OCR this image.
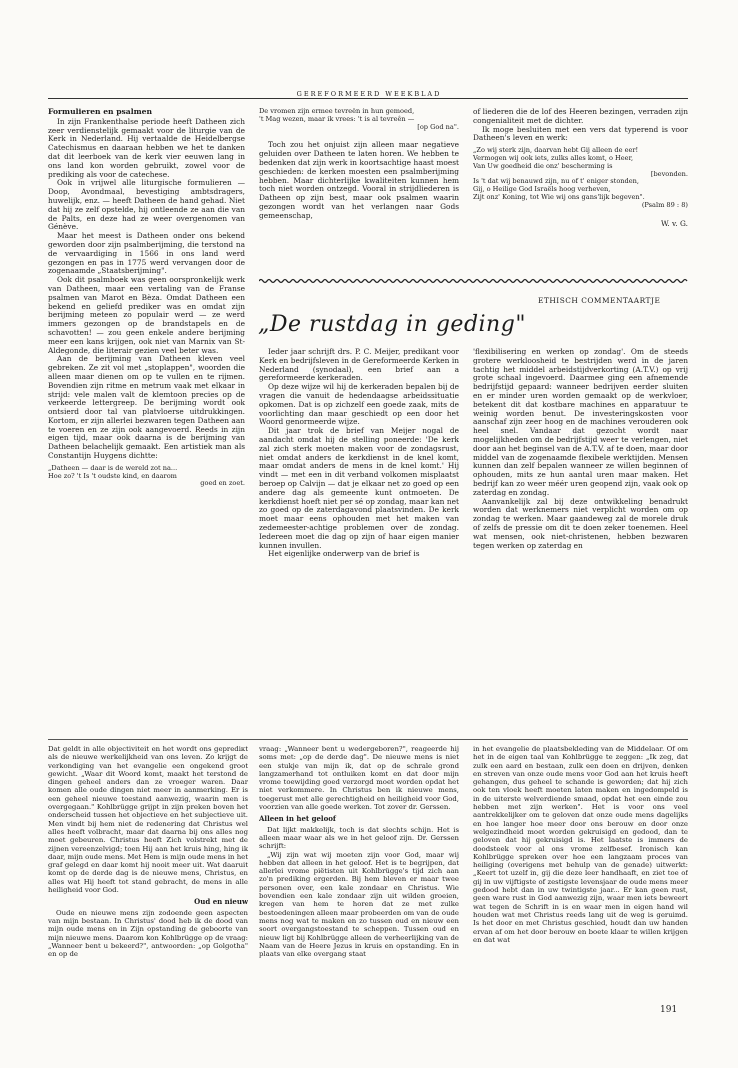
GEREFORMEERD WEEKBLAD
Formulieren en psalmen

In zijn Frankenthalse periode heeft Datheen zich zeer verdienstelijk gemaakt voor de liturgie van de Kerk in Nederland. Hij vertaalde de Heidelbergse Catechismus en daaraan hebben we het te danken dat dit leerboek van de kerk vier eeuwen lang in ons land kon worden gebruikt, zowel voor de prediking als voor de catechese.

Ook in vrijwel alle liturgische formulieren — Doop, Avondmaal, bevestiging ambtsdragers, huwelijk, enz. — heeft Datheen de hand gehad. Niet dat hij ze zelf opstelde, hij ontleende ze aan die van de Palts, en deze had ze weer overgenomen van Génève.

Maar het meest is Datheen onder ons bekend geworden door zijn psalmberijming, die terstond na de vervaardiging in 1566 in ons land werd gezongen en pas in 1775 werd vervangen door de zogenaamde „Staatsberijming".

Ook dit psalmboek was geen oorspronkelijk werk van Datheen, maar een vertaling van de Franse psalmen van Marot en Bèza. Omdat Datheen een bekend en geliefd prediker was en omdat zijn berijming meteen zo populair werd — ze werd immers gezongen op de brandstapels en de schavotten! — zou geen enkele andere berijming meer een kans krijgen, ook niet van Marnix van St-Aldegonde, die literair gezien veel beter was.

Aan de berijming van Datheen kleven veel gebreken. Ze zit vol met „stoplappen", woorden die alleen maar dienen om op te vullen en te rijmen. Bovendien zijn ritme en metrum vaak met elkaar in strijd: vele malen valt de klemtoon precies op de verkeerde lettergreep. De berijming wordt ook ontsierd door tal van platvloerse uitdrukkingen. Kortom, er zijn allerlei bezwaren tegen Datheen aan te voeren en ze zijn ook aangevoerd. Reeds in zijn eigen tijd, maar ook daarna is de berijming van Datheen belachelijk gemaakt. Een artistiek man als Constantijn Huygens dichtte:

„Datheen — daar is de wereld zot na...
Hoe zo? 't Is 't oudste kind, en daarom
goed en zoet.
De vromen zijn ermee tevreên in hun gemoed,
't Mag wezen, maar ik vrees: 't is al tevreên —
[op God na".

Toch zou het onjuist zijn alleen maar negatieve geluiden over Datheen te laten horen. We hebben te bedenken dat zijn werk in koortsachtige haast moest geschieden: de kerken moesten een psalmberijming hebben. Maar dichterlijke kwaliteiten kunnen hem toch niet worden ontzegd. Vooral in strijdliederen is Datheen op zijn best, maar ook psalmen waarin gezongen wordt van het verlangen naar Gods gemeenschap,

of liederen die de lof des Heeren bezingen, verraden zijn congenialiteit met de dichter.

Ik moge besluiten met een vers dat typerend is voor Datheen's leven en werk:

„Zo wij sterk zijn, daarvan hebt Gij alleen de eer!
Vermogen wij ook iets, zulks alles komt, o Heer,
Van Uw goedheid die onz' bescherming is
[bevonden.
Is 't dat wij benauwd zijn, nu of t' eniger stonden,
Gij, o Heilige God Israëls hoog verheven,
Zijt onz' Koning, tot Wie wij ons gans'lijk begeven".
(Psalm 89 : 8)
W. v. G.
ETHISCH COMMENTAARTJE
„De rustdag in geding"

Ieder jaar schrijft drs. P. C. Meijer, predikant voor Kerk en bedrijfsleven in de Gereformeerde Kerken in Nederland (synodaal), een brief aan a gereformeerde kerkeraden.

Op deze wijze wil hij de kerkeraden bepalen bij de vragen die vanuit de hedendaagse arbeidssituatie opkomen. Dat is op zichzelf een goede zaak, mits de voorlichting dan maar geschiedt op een door het Woord genormeerde wijze.

Dit jaar trok de brief van Meijer nogal de aandacht omdat hij de stelling poneerde: 'De kerk zal zich sterk moeten maken voor de zondagsrust, niet omdat anders de kerkdienst in de knel komt, maar omdat anders de mens in de knel komt.' Hij vindt — met een in dit verband volkomen misplaatst beroep op Calvijn — dat je elkaar net zo goed op een andere dag als gemeente kunt ontmoeten. De kerkdienst hoeft niet per sé op zondag, maar kan net zo goed op de zaterdagavond plaatsvinden. De kerk moet maar eens ophouden met het maken van zedemeester-achtige problemen over de zondag. Iedereen moet die dag op zijn of haar eigen manier kunnen invullen.

Het eigenlijke onderwerp van de brief is

'flexibilisering en werken op zondag'. Om de steeds grotere werkloosheid te bestrijden werd in de jaren tachtig het middel arbeidstijdverkorting (A.T.V.) op vrij grote schaal ingevoerd. Daarmee ging een afnemende bedrijfstijd gepaard: wanneer bedrijven eerder sluiten en er minder uren worden gemaakt op de werkvloer, betekent dit dat kostbare machines en apparatuur te weinig worden benut. De investeringskosten voor aanschaf zijn zeer hoog en de machines verouderen ook heel snel. Vandaar dat gezocht wordt naar mogelijkheden om de bedrijfstijd weer te verlengen, niet door aan het beginsel van de A.T.V. af te doen, maar door middel van de zogenaamde flexibele werktijden. Mensen kunnen dan zelf bepalen wanneer ze willen beginnen of ophouden, mits ze hun aantal uren maar maken. Het bedrijf kan zo weer méér uren geopend zijn, vaak ook op zaterdag en zondag.

Aanvankelijk zal bij deze ontwikkeling benadrukt worden dat werknemers niet verplicht worden om op zondag te werken. Maar gaandeweg zal de morele druk of zelfs de pressie om dit te doen zeker toenemen. Heel wat mensen, ook niet-christenen, hebben bezwaren tegen werken op zaterdag en

Dat geldt in alle objectiviteit en het wordt ons geprediкt als de nieuwe werkelijkheid van ons leven. Zo krijgt de verkondiging van het evangelie een ongekend groot gewicht. „Waar dit Woord komt, maakt het terstond de dingen geheel anders dan ze vroeger waren. Daar komen alle oude dingen niet meer in aanmerking. Er is een geheel nieuwe toestand aanwezig, waarin men is overgegaan." Kohlbrügge grijpt in zijn preken boven het onderscheid tussen het objectieve en het subjectieve uit. Men vindt bij hem niet de redenering dat Christus wel alles heeft volbracht, maar dat daarna bij ons alles nog moet gebeuren. Christus heeft Zich volstrekt met de zijnen vereenzelvigd; toen Hij aan het kruis hing, hing ik daar, mijn oude mens. Met Hem is mijn oude mens in het graf gelegd en daar komt hij nooit meer uit. Wat daaruit komt op de derde dag is de nieuwe mens, Christus, en alles wat Hij heeft tot stand gebracht, de mens in alle heiligheid voor God.

Oud en nieuw

Oude en nieuwe mens zijn zodoende geen aspecten van mijn bestaan. In Christus' dood heb ik de dood van mijn oude mens en in Zijn opstanding de geboorte van mijn nieuwe mens. Daarom kon Kohlbrügge op de vraag: „Wanneer bent u bekeerd?", antwoorden: „op Golgotha" en op de

vraag: „Wanneer bent u wedergeboren?", reageerde hij soms met: „op de derde dag". De nieuwe mens is niet een stukje van mijn ik, dat op de schrale grond langzamerhand tot ontluiken komt en dat door mijn vrome toewijding goed verzorgd moet worden opdat het niet verkommere. In Christus ben ik nieuwe mens, toegerust met alle gerechtigheid en heiligheid voor God, voorzien van alle goede werken. Tot zover dr. Gerssen.

Alleen in het geloof

Dat lijkt makkelijk, toch is dat slechts schijn. Het is alleen maar waar als we in het geloof zijn. Dr. Gerssen schrijft:

„Wij zijn wat wij moeten zijn voor God, maar wij hebben dat alleen in het geloof. Het is te begrijpen, dat allerlei vrome piëtisten uit Kohlbrügge's tijd zich aan zo'n prediking ergerden. Bij hem bleven er maar twee personen over, een kale zondaar en Christus. Wie bovendien een kale zondaar zijn uit wilden groeien, kregen van hem te horen dat ze met zulke bestoedeningen alleen maar probeerden om van de oude mens nog wat te maken en zo tussen oud en nieuw een soort overgangstoestand te scheppen. Tussen oud en nieuw ligt bij Kohlbrügge alleen de verheerlijking van de Naam van de Heere Jezus in kruis en opstanding. En in plaats van elke overgang staat

in het evangelie de plaatsbekleding van de Middelaar. Of om het in de eigen taal van Kohlbrügge te zeggen: „Ik zeg, dat zulk een aard en bestaan, zulk een doen en drijven, denken en streven van onze oude mens voor God aan het kruis heeft gehangen, dus geheel te schande is geworden; dat hij zich ook ten vloek heeft moeten laten maken en ingedompeld is in de uiterste welverdiende smaad, opdat het een einde zou hebben met zijn werken". Het is voor ons veel aantrekkelijker om te geloven dat onze oude mens dagelijks en hoe langer hoe meer door ons berouw en door onze welgezindheid moet worden gekruisigd en gedood, dan te geloven dat hij gekruisigd is. Het laatste is immers de doodsteek voor al ons vrome zelfbesef. Ironisch kan Kohlbrügge spreken over hoe een langzaam proces van heiliging (overigens met behulp van de genade) uitwerkt: „Keert tot uzelf in, gij die deze leer handhaaft, en ziet toe of gij in uw vijftigste of zestigste levensjaar de oude mens meer gedood hebt dan in uw twintigste jaar... Er kan geen rust, geen ware rust in God aanwezig zijn, waar men iets beweert wat tegen de Schrift in is en waar men in eigen hand wil houden wat met Christus reeds lang uit de weg is geruimd. Is het door en met Christus geschied, houdt dan uw handen ervan af om het door berouw en boete klaar te willen krijgen en dat wat

191
